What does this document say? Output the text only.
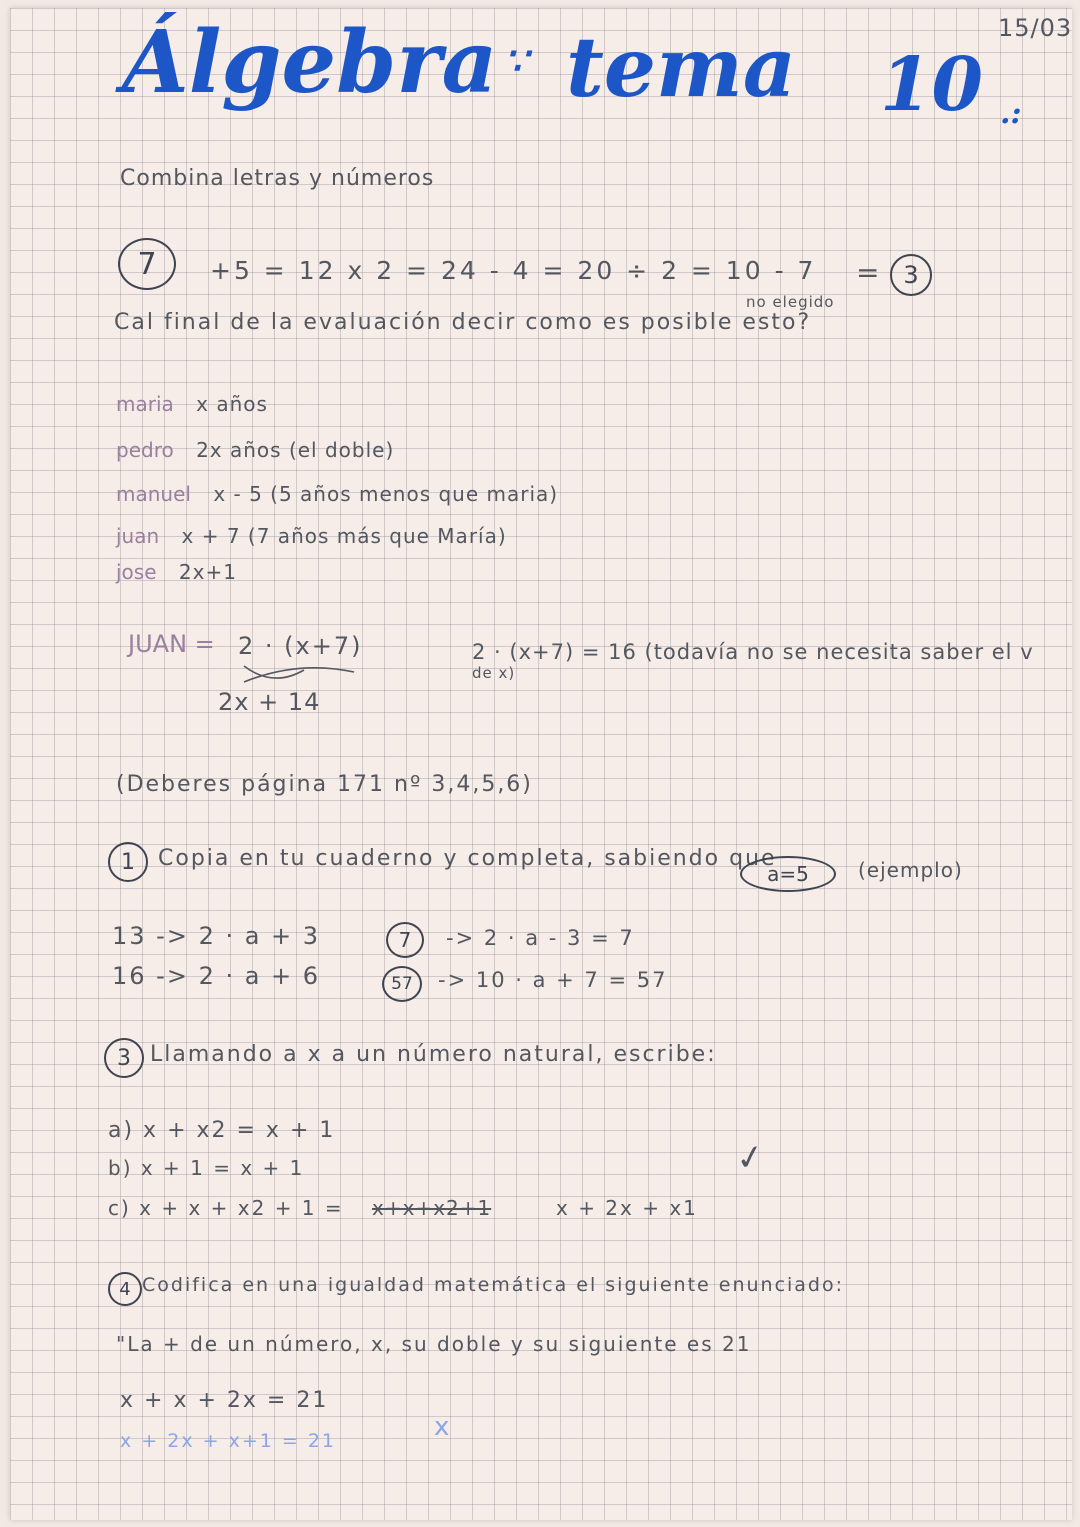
15/03
Álgebra ∵ tema 10 .:
Combina letras y números
7 +5 = 12 x 2 = 24 - 4 = 20 ÷ 2 = 10 - 7 = 3
no elegido
Cal final de la evaluación decir como es posible esto?
maria x años
pedro 2x años (el doble)
manuel x - 5 (5 años menos que maria)
juan x + 7 (7 años más que María)
jose 2x+1
JUAN = 2 · (x+7)
2x + 14
2 · (x+7) = 16 (todavía no se necesita saber el v
de x)
(Deberes página 171 nº 3,4,5,6)
1 Copia en tu cuaderno y completa, sabiendo que
a=5 (ejemplo)
13 -> 2 · a + 3	7 -> 2 · a - 3 = 7
16 -> 2 · a + 6	57 -> 10 · a + 7 = 57
3 Llamando a x a un número natural, escribe:
a) x + x2 = x + 1
b) x + 1 = x + 1
c) x + x + x2 + 1 = x+x+x2+1	x + 2x + x1
✓
4 Codifica en una igualdad matemática el siguiente enunciado:
"La + de un número, x, su doble y su siguiente es 21
x + x + 2x = 21
x + 2x + x+1 = 21	x
